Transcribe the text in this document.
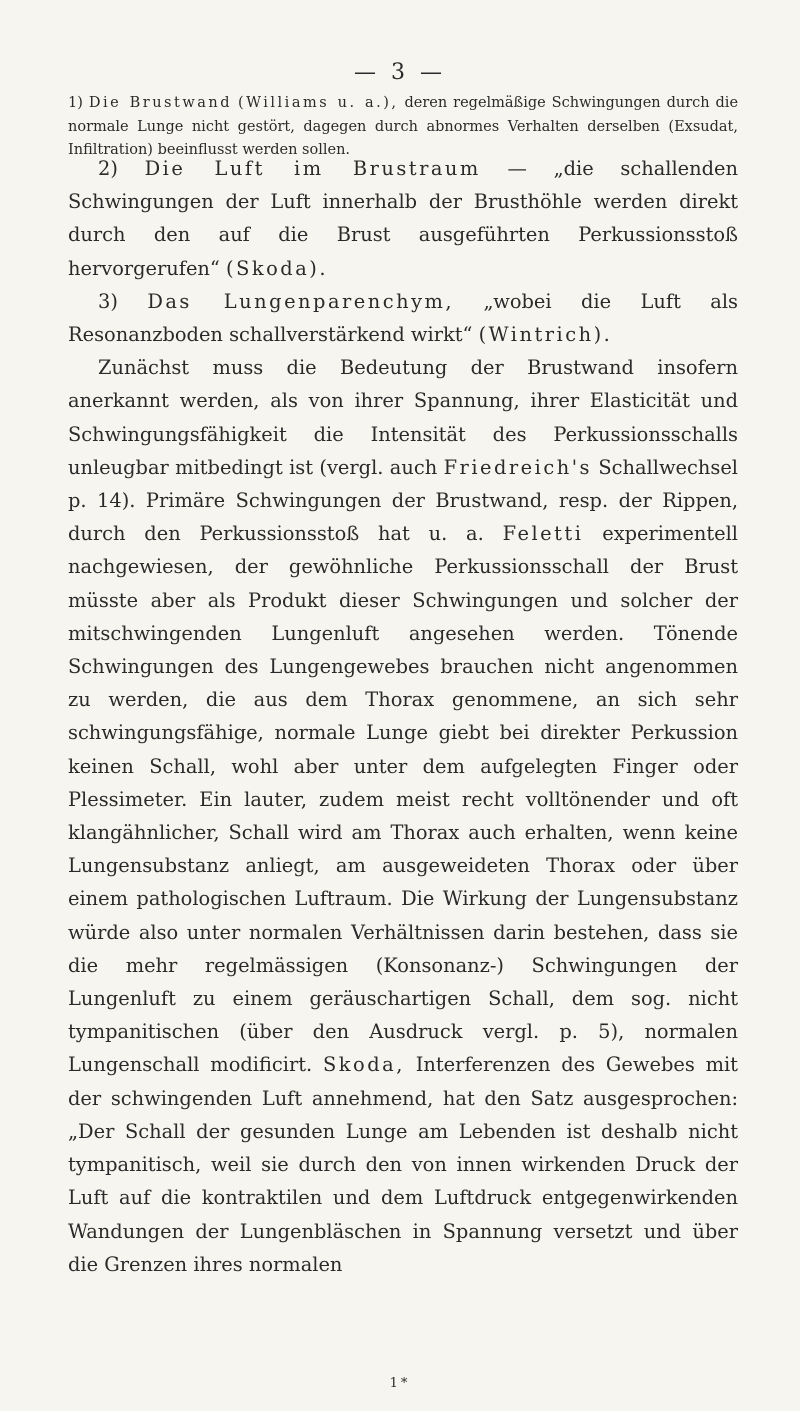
— 3 —
1) Die Brustwand (Williams u. a.), deren regelmäßige Schwingungen durch die normale Lunge nicht gestört, dagegen durch abnormes Verhalten derselben (Exsudat, Infiltration) beeinflusst werden sollen.

2) Die Luft im Brustraum — „die schallenden Schwingungen der Luft innerhalb der Brusthöhle werden direkt durch den auf die Brust ausgeführten Perkussionsstoß hervorgerufen“ (Skoda).

3) Das Lungenparenchym, „wobei die Luft als Resonanzboden schallverstärkend wirkt“ (Wintrich).

Zunächst muss die Bedeutung der Brustwand insofern anerkannt werden, als von ihrer Spannung, ihrer Elasticität und Schwingungsfähigkeit die Intensität des Perkussionsschalls unleugbar mitbedingt ist (vergl. auch Friedreich's Schallwechsel p. 14). Primäre Schwingungen der Brustwand, resp. der Rippen, durch den Perkussionsstoß hat u. a. Feletti experimentell nachgewiesen, der gewöhnliche Perkussionsschall der Brust müsste aber als Produkt dieser Schwingungen und solcher der mitschwingenden Lungenluft angesehen werden. Tönende Schwingungen des Lungengewebes brauchen nicht angenommen zu werden, die aus dem Thorax genommene, an sich sehr schwingungsfähige, normale Lunge giebt bei direkter Perkussion keinen Schall, wohl aber unter dem aufgelegten Finger oder Plessimeter. Ein lauter, zudem meist recht volltönender und oft klangähnlicher, Schall wird am Thorax auch erhalten, wenn keine Lungensubstanz anliegt, am ausgeweideten Thorax oder über einem pathologischen Luftraum. Die Wirkung der Lungensubstanz würde also unter normalen Verhältnissen darin bestehen, dass sie die mehr regelmässigen (Konsonanz-) Schwingungen der Lungenluft zu einem geräuschartigen Schall, dem sog. nicht tympanitischen (über den Ausdruck vergl. p. 5), normalen Lungenschall modificirt. Skoda, Interferenzen des Gewebes mit der schwingenden Luft annehmend, hat den Satz ausgesprochen: „Der Schall der gesunden Lunge am Lebenden ist deshalb nicht tympanitisch, weil sie durch den von innen wirkenden Druck der Luft auf die kontraktilen und dem Luftdruck entgegenwirkenden Wandungen der Lungenbläschen in Spannung versetzt und über die Grenzen ihres normalen

1*
